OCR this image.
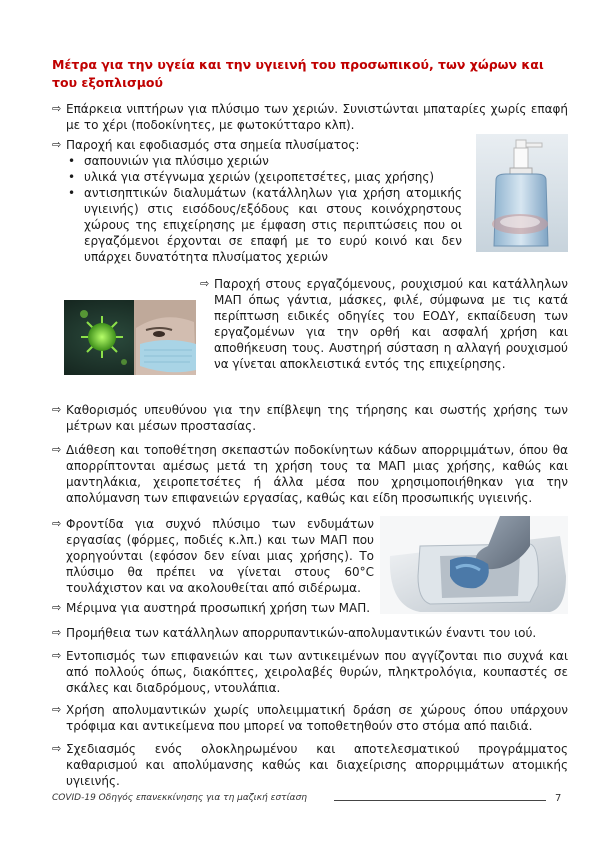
Μέτρα για την υγεία και την υγιεινή του προσωπικού, των χώρων και του εξοπλισμού
⇨ Επάρκεια νιπτήρων για πλύσιμο των χεριών. Συνιστώνται μπαταρίες χωρίς επαφή με το χέρι (ποδοκίνητες, με φωτοκύτταρο κλπ).
⇨ Παροχή και εφοδιασμός στα σημεία πλυσίματος:
• σαπουνιών για πλύσιμο χεριών
• υλικά για στέγνωμα χεριών (χειροπετσέτες, μιας χρήσης)
• αντισηπτικών διαλυμάτων (κατάλληλων για χρήση ατομικής υγιεινής) στις εισόδους/εξόδους και στους κοινόχρηστους χώρους της επιχείρησης με έμφαση στις περιπτώσεις που οι εργαζόμενοι έρχονται σε επαφή με το ευρύ κοινό και δεν υπάρχει δυνατότητα πλυσίματος χεριών
⇨ Παροχή στους εργαζόμενους, ρουχισμού και κατάλληλων ΜΑΠ όπως γάντια, μάσκες, φιλέ, σύμφωνα με τις κατά περίπτωση ειδικές οδηγίες του ΕΟΔΥ, εκπαίδευση των εργαζομένων για την ορθή και ασφαλή χρήση και αποθήκευση τους. Αυστηρή σύσταση η αλλαγή ρουχισμού να γίνεται αποκλειστικά εντός της επιχείρησης.
⇨ Καθορισμός υπευθύνου για την επίβλεψη της τήρησης και σωστής χρήσης των μέτρων και μέσων προστασίας.
⇨ Διάθεση και τοποθέτηση σκεπαστών ποδοκίνητων κάδων απορριμμάτων, όπου θα απορρίπτονται αμέσως μετά τη χρήση τους τα ΜΑΠ μιας χρήσης, καθώς και μαντηλάκια, χειροπετσέτες ή άλλα μέσα που χρησιμοποιήθηκαν για την απολύμανση των επιφανειών εργασίας, καθώς και είδη προσωπικής υγιεινής.
⇨ Φροντίδα για συχνό πλύσιμο των ενδυμάτων εργασίας (φόρμες, ποδιές κ.λπ.) και των ΜΑΠ που χορηγούνται (εφόσον δεν είναι μιας χρήσης). Το πλύσιμο θα πρέπει να γίνεται στους 60°C τουλάχιστον και να ακολουθείται από σιδέρωμα.
⇨ Μέριμνα για αυστηρά προσωπική χρήση των ΜΑΠ.
⇨ Προμήθεια των κατάλληλων απορρυπαντικών-απολυμαντικών έναντι του ιού.
⇨ Εντοπισμός των επιφανειών και των αντικειμένων που αγγίζονται πιο συχνά και από πολλούς όπως, διακόπτες, χειρολαβές θυρών, πληκτρολόγια, κουπαστές σε σκάλες και διαδρόμους, ντουλάπια.
⇨ Χρήση απολυμαντικών χωρίς υπολειμματική δράση σε χώρους όπου υπάρχουν τρόφιμα και αντικείμενα που μπορεί να τοποθετηθούν στο στόμα από παιδιά.
⇨ Σχεδιασμός ενός ολοκληρωμένου και αποτελεσματικού προγράμματος καθαρισμού και απολύμανσης καθώς και διαχείρισης απορριμμάτων ατομικής υγιεινής.
COVID-19 Οδηγός επανεκκίνησης για τη μαζική εστίαση	7
